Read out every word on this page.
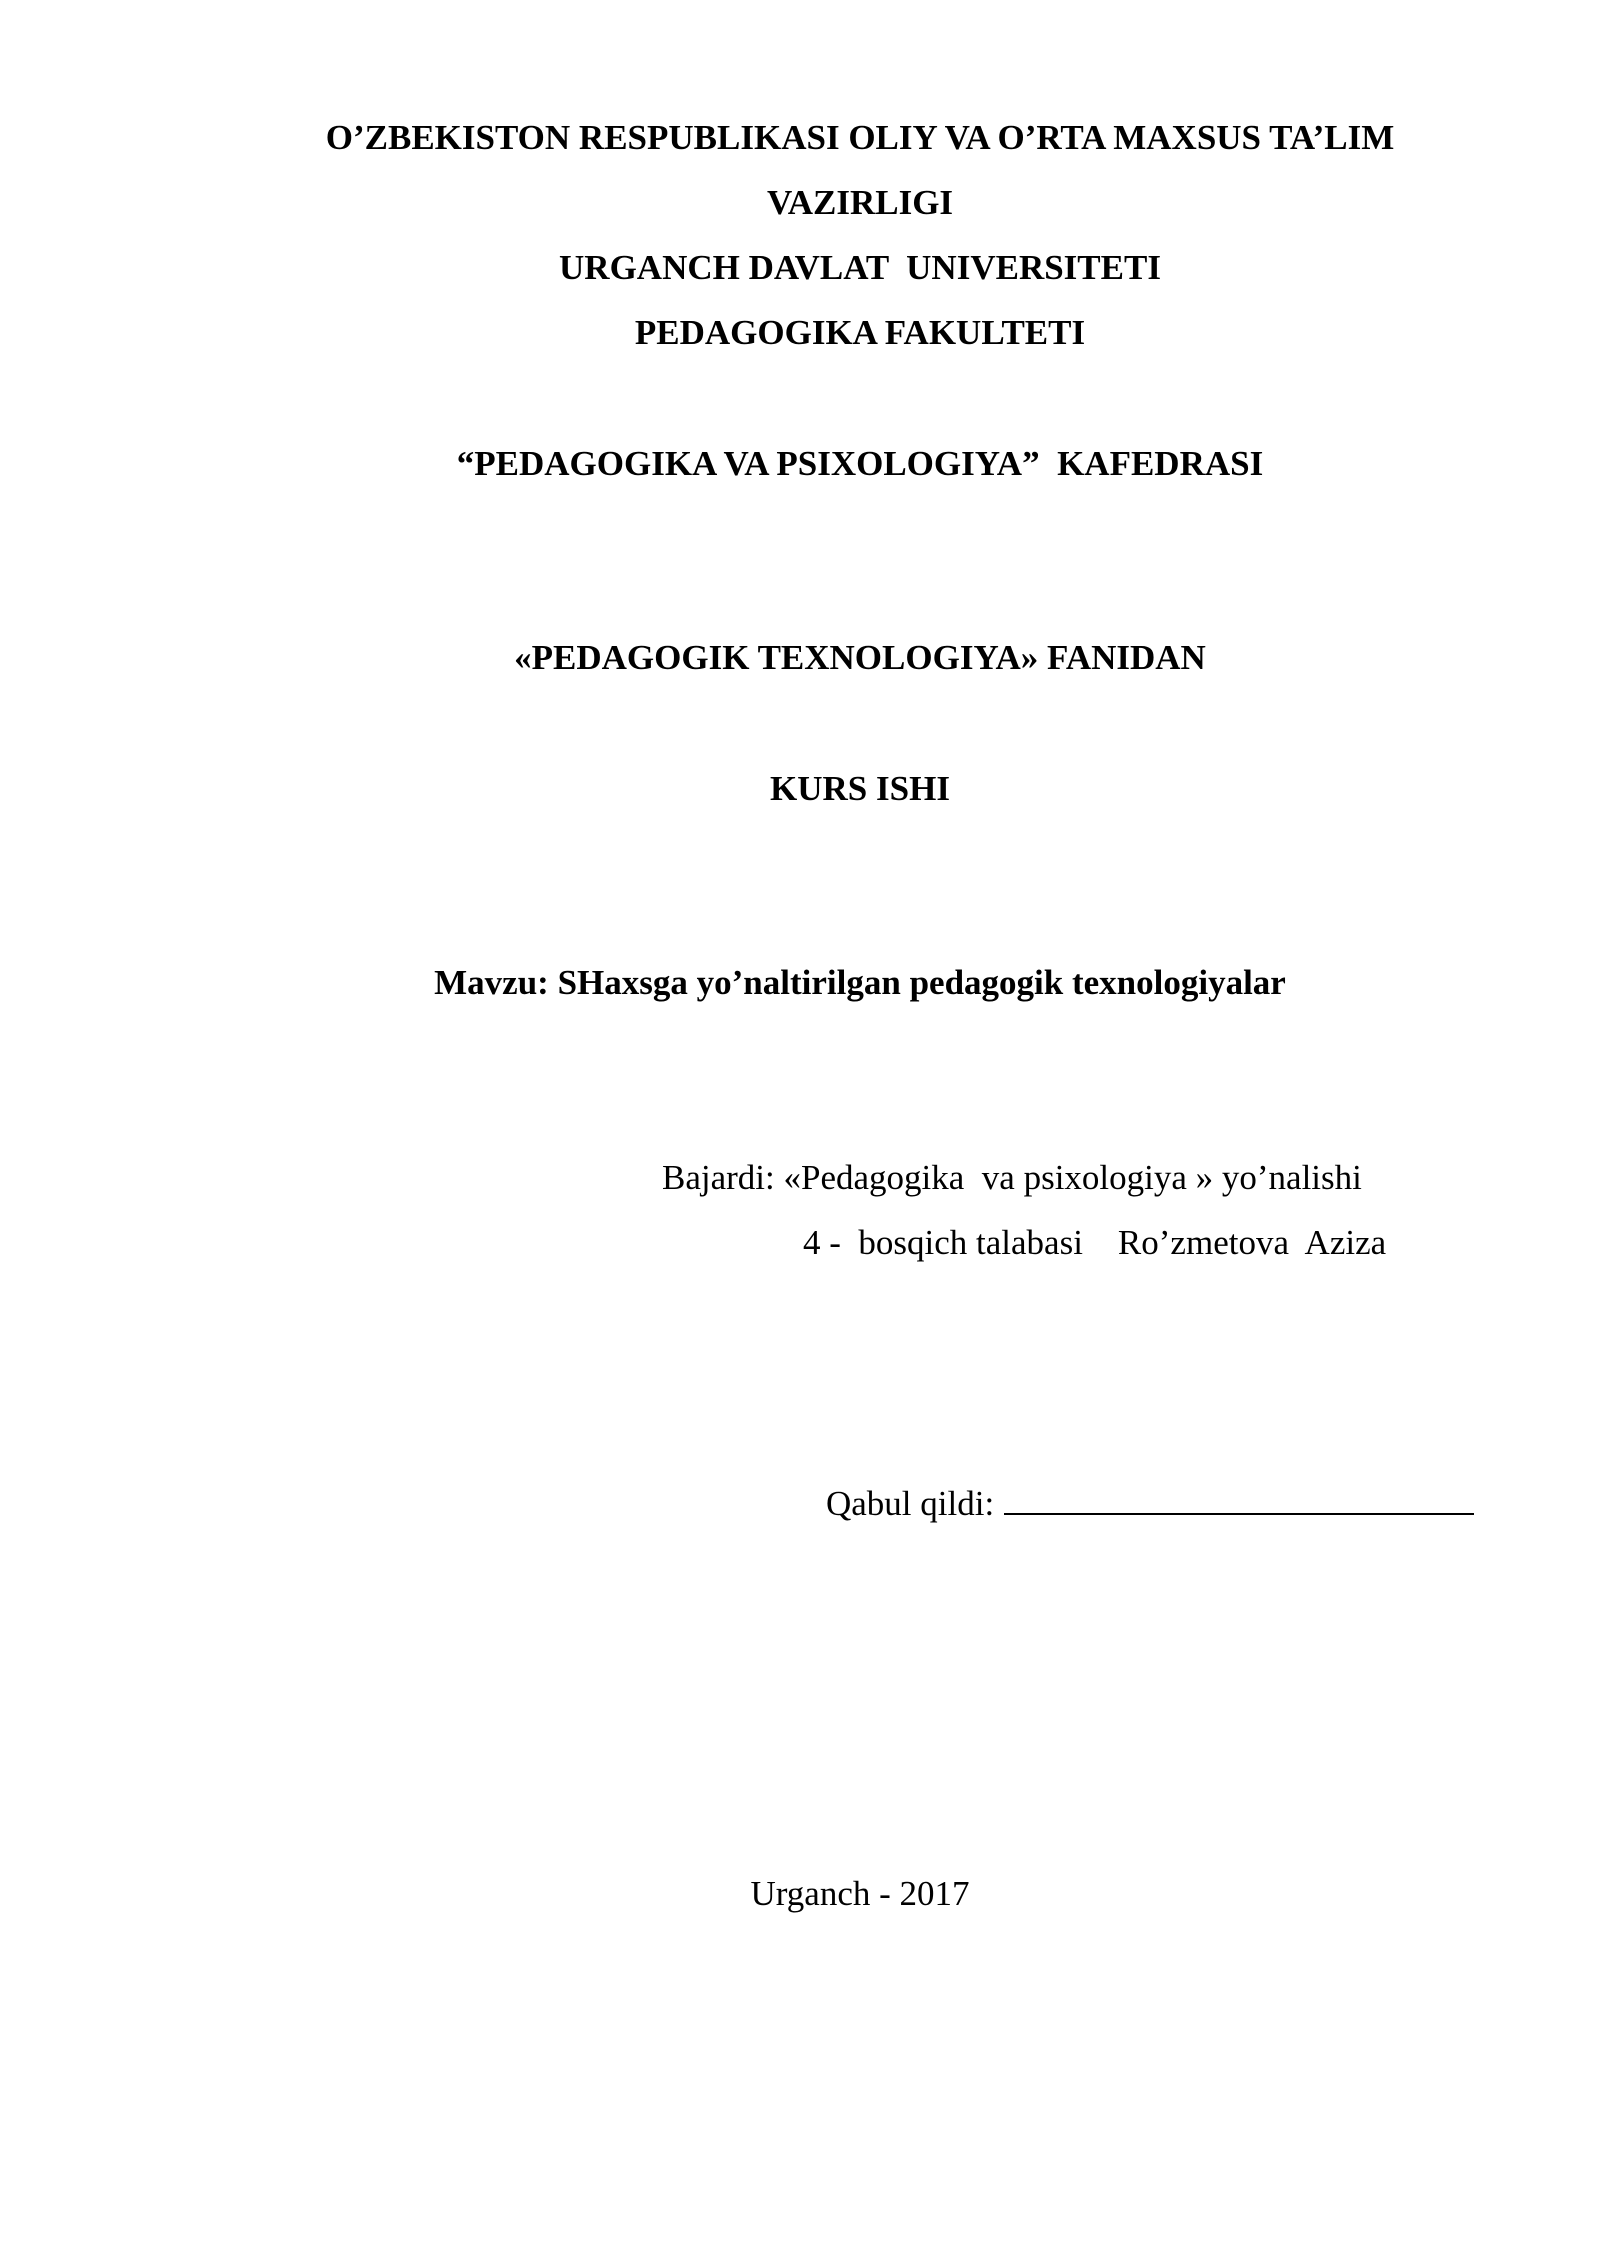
O’ZBEKISTON RESPUBLIKASI OLIY VA O’RTA MAXSUS TA’LIM
VAZIRLIGI
URGANCH DAVLAT  UNIVERSITETI
PEDAGOGIKA FAKULTETI
“PEDAGOGIKA VA PSIXOLOGIYA”  KAFEDRASI
«PEDAGOGIK TEXNOLOGIYA» FANIDAN
KURS ISHI
Mavzu: SHaxsga yo’naltirilgan pedagogik texnologiyalar
Bajardi: «Pedagogika  va psixologiya » yo’nalishi
4 -  bosqich talabasi    Ro’zmetova  Aziza
Qabul qildi:
Urganch - 2017
